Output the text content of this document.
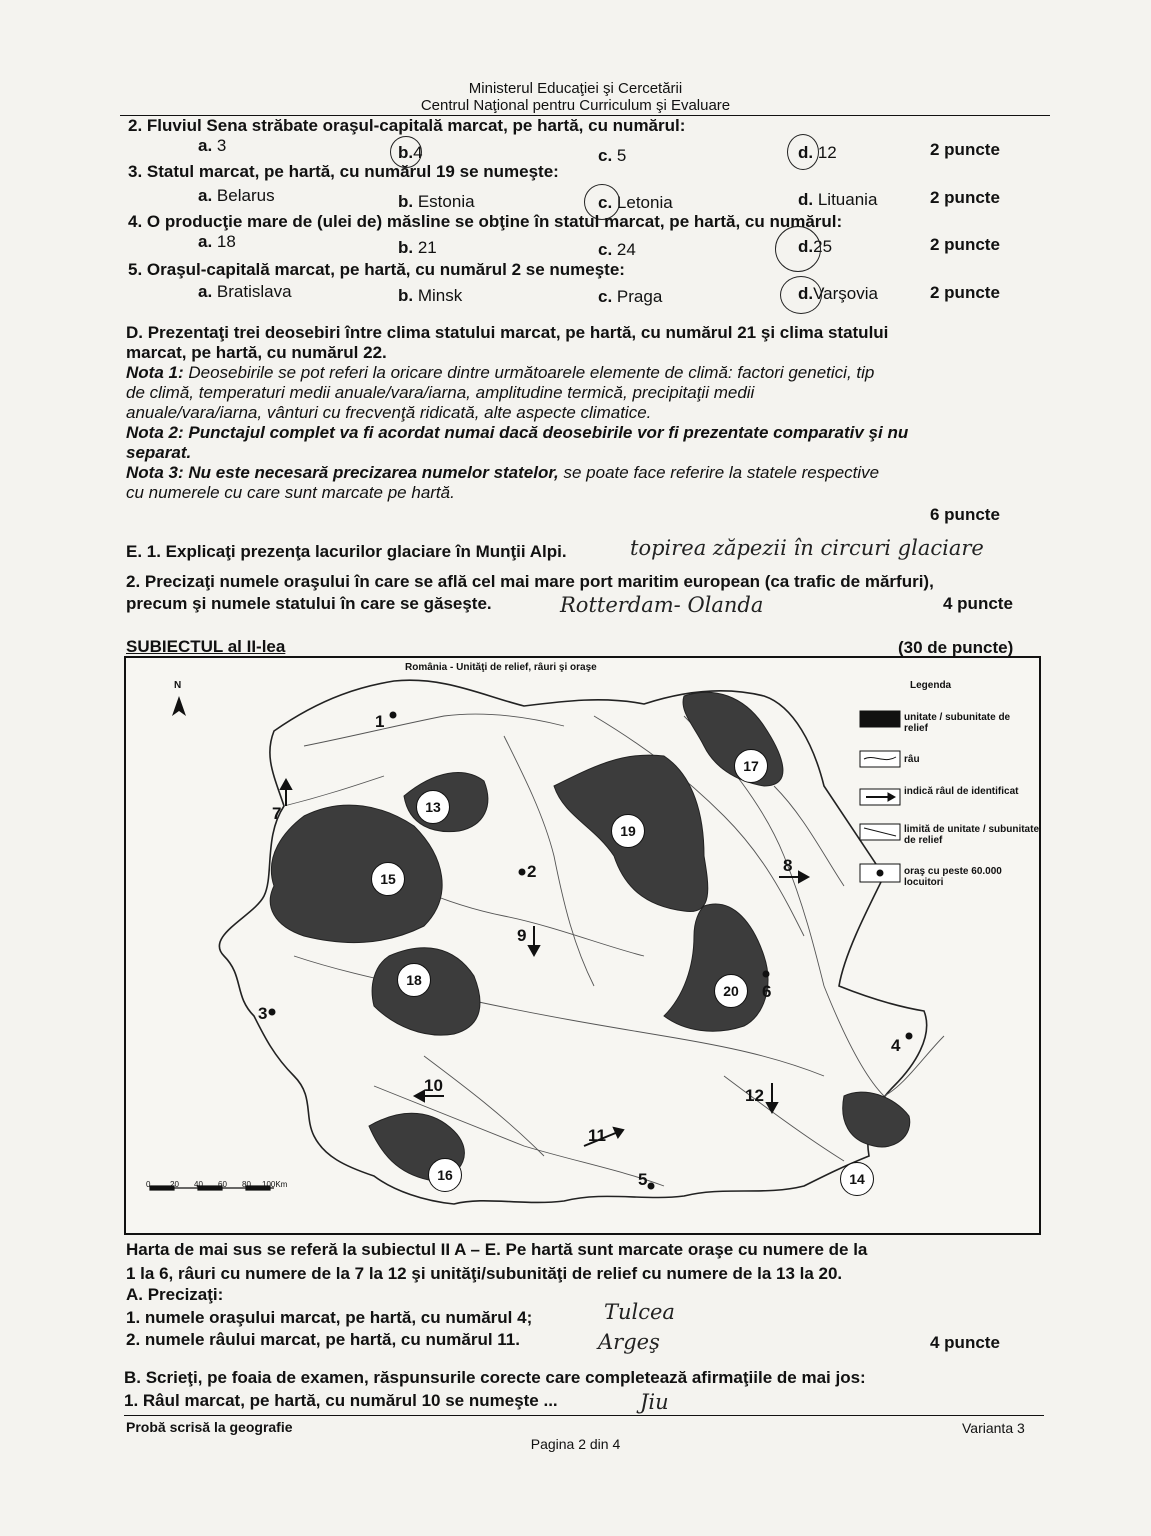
Ministerul Educaţiei şi Cercetării
Centrul Naţional pentru Curriculum şi Evaluare
2. Fluviul Sena străbate oraşul-capitală marcat, pe hartă, cu numărul:
a. 3	b.4	c. 5	d. 12	2 puncte
3. Statul marcat, pe hartă, cu numărul 19 se numeşte:
a. Belarus	b. Estonia	c. Letonia	d. Lituania	2 puncte
4. O producţie mare de (ulei de) măsline se obţine în statul marcat, pe hartă, cu numărul:
a. 18	b. 21	c. 24	d.25	2 puncte
5. Oraşul-capitală marcat, pe hartă, cu numărul 2 se numeşte:
a. Bratislava	b. Minsk	c. Praga	d.Varşovia	2 puncte
D. Prezentaţi trei deosebiri între clima statului marcat, pe hartă, cu numărul 21 şi clima statului
marcat, pe hartă, cu numărul 22.
Nota 1: Deosebirile se pot referi la oricare dintre următoarele elemente de climă: factori genetici, tip
de climă, temperaturi medii anuale/vara/iarna, amplitudine termică, precipitaţii medii
anuale/vara/iarna, vânturi cu frecvenţă ridicată, alte aspecte climatice.
Nota 2: Punctajul complet va fi acordat numai dacă deosebirile vor fi prezentate comparativ şi nu
separat.
Nota 3: Nu este necesară precizarea numelor statelor, se poate face referire la statele respective
cu numerele cu care sunt marcate pe hartă.
6 puncte
E. 1. Explicaţi prezenţa lacurilor glaciare în Munţii Alpi.	topirea zăpezii în circuri glaciare
2. Precizaţi numele oraşului în care se află cel mai mare port maritim european (ca trafic de mărfuri),
precum şi numele statului în care se găseşte.	Rotterdam- Olanda	4 puncte
SUBIECTUL al II-lea	(30 de puncte)
România - Unităţi de relief, râuri şi oraşe
N	Legenda
unitate / subunitate de relief
râu
indică râul de identificat
limită de unitate / subunitate de relief
oraş cu peste 60.000 locuitori
0 20 40 60 80 100Km
1
2
3
4
5
6
7
8
9
10
11
12
13
14
15
16
17
18
19
20
Harta de mai sus se referă la subiectul II A – E. Pe hartă sunt marcate oraşe cu numere de la
1 la 6, râuri cu numere de la 7 la 12 şi unităţi/subunităţi de relief cu numere de la 13 la 20.
A. Precizaţi:
1. numele oraşului marcat, pe hartă, cu numărul 4;	Tulcea
2. numele râului marcat, pe hartă, cu numărul 11.	Argeş	4 puncte
B. Scrieţi, pe foaia de examen, răspunsurile corecte care completează afirmaţiile de mai jos:
1. Râul marcat, pe hartă, cu numărul 10 se numeşte ...	Jiu
Probă scrisă la geografie
Pagina 2 din 4
Varianta 3
